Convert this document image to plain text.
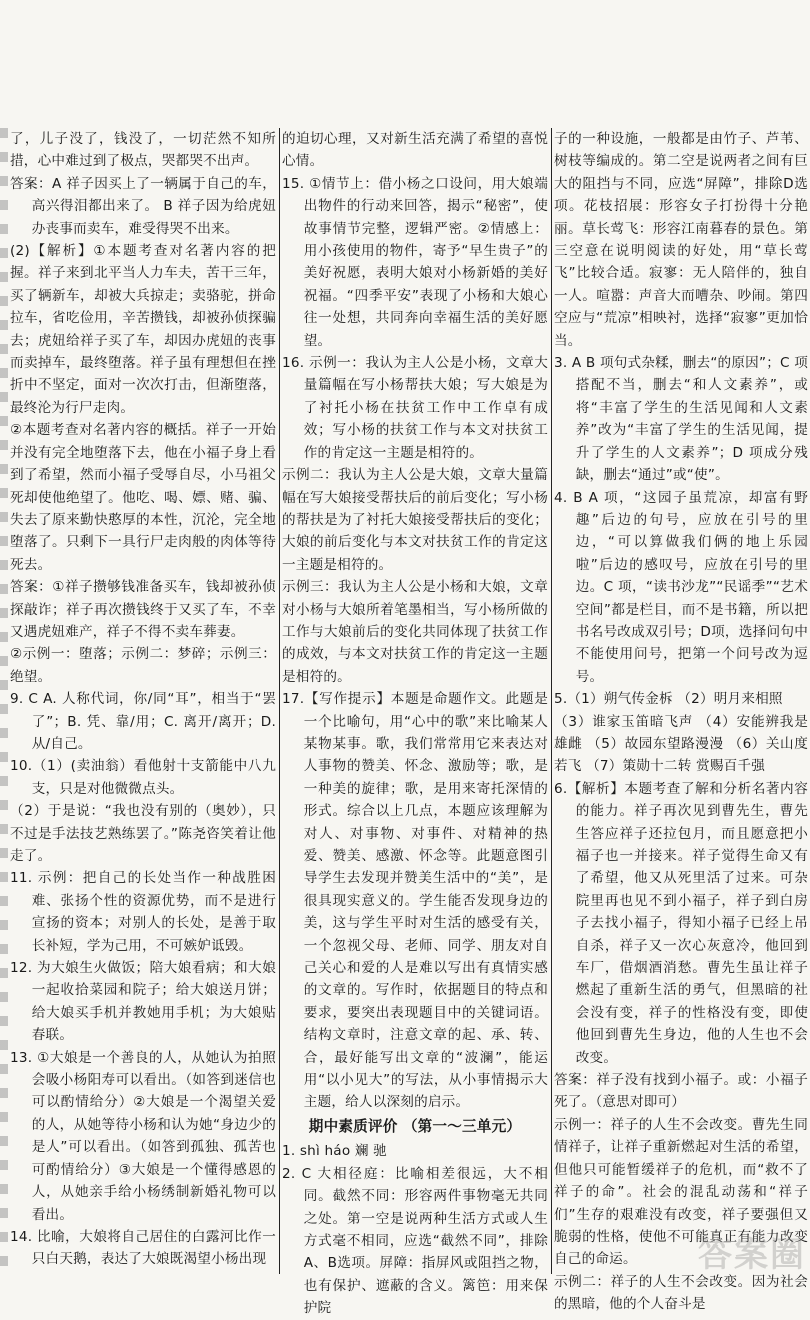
了，儿子没了，钱没了，一切茫然不知所措，心中难过到了极点，哭都哭不出声。

答案：A 祥子因买上了一辆属于自己的车，高兴得泪都出来了。 B 祥子因为给虎妞办丧事而卖车，难受得哭不出来。

(2)【解析】①本题考查对名著内容的把握。祥子来到北平当人力车夫，苦干三年，买了辆新车，却被大兵掠走；卖骆驼，拼命拉车，省吃俭用，辛苦攒钱，却被孙侦探骗去；虎妞给祥子买了车，却因办虎妞的丧事而卖掉车，最终堕落。祥子虽有理想但在挫折中不坚定，面对一次次打击，但渐堕落，最终沦为行尸走肉。

②本题考查对名著内容的概括。祥子一开始并没有完全地堕落下去，他在小福子身上看到了希望，然而小福子受辱自尽，小马祖父死却使他绝望了。他吃、喝、嫖、赌、骗、失去了原来勤快憨厚的本性，沉沦，完全地堕落了。只剩下一具行尸走肉般的肉体等待死去。

答案：①祥子攒够钱准备买车，钱却被孙侦探敲诈；祥子再次攒钱终于又买了车，不幸又遇虎妞难产，祥子不得不卖车葬妻。

②示例一：堕落；示例二：梦碎；示例三：绝望。

9. C A. 人称代词，你/同“耳”，相当于“罢了”；B. 凭、靠/用；C. 离开/离开；D. 从/自己。

10.（1）(卖油翁）看他射十支箭能中八九支，只是对他微微点头。

（2）于是说：“我也没有别的（奥妙），只不过是手法技艺熟练罢了。”陈尧咨笑着让他走了。

11. 示例：把自己的长处当作一种战胜困难、张扬个性的资源优势，而不是进行宣扬的资本；对别人的长处，是善于取长补短，学为己用，不可嫉妒诋毁。

12. 为大娘生火做饭；陪大娘看病；和大娘一起收拾菜园和院子；给大娘送月饼；给大娘买手机并教她用手机；为大娘贴春联。

13. ①大娘是一个善良的人，从她认为拍照会吸小杨阳寿可以看出。（如答到迷信也可以酌情给分）②大娘是一个渴望关爱的人，从她等待小杨和认为她“身边少的是人”可以看出。（如答到孤独、孤苦也可酌情给分）③大娘是一个懂得感恩的人，从她亲手给小杨绣制新婚礼物可以看出。

14. 比喻，大娘将自己居住的白露河比作一只白天鹅，表达了大娘既渴望小杨出现

的迫切心理，又对新生活充满了希望的喜悦心情。

15. ①情节上：借小杨之口设问，用大娘端出物件的行动来回答，揭示“秘密”，使故事情节完整，逻辑严密。②情感上：用小孩使用的物件，寄予“早生贵子”的美好祝愿，表明大娘对小杨新婚的美好祝福。“四季平安”表现了小杨和大娘心往一处想，共同奔向幸福生活的美好愿望。

16. 示例一：我认为主人公是小杨，文章大量篇幅在写小杨帮扶大娘；写大娘是为了衬托小杨在扶贫工作中工作卓有成效；写小杨的扶贫工作与本文对扶贫工作的肯定这一主题是相符的。

示例二：我认为主人公是大娘，文章大量篇幅在写大娘接受帮扶后的前后变化；写小杨的帮扶是为了衬托大娘接受帮扶后的变化；大娘的前后变化与本文对扶贫工作的肯定这一主题是相符的。

示例三：我认为主人公是小杨和大娘，文章对小杨与大娘所着笔墨相当，写小杨所做的工作与大娘前后的变化共同体现了扶贫工作的成效，与本文对扶贫工作的肯定这一主题是相符的。

17.【写作提示】本题是命题作文。此题是一个比喻句，用“心中的歌”来比喻某人某物某事。歌，我们常常用它来表达对人事物的赞美、怀念、激励等；歌，是一种美的旋律；歌，是用来寄托深情的形式。综合以上几点，本题应该理解为对人、对事物、对事件、对精神的热爱、赞美、感激、怀念等。此题意图引导学生去发现并赞美生活中的“美”，是很具现实意义的。学生能否发现身边的美，这与学生平时对生活的感受有关，一个忽视父母、老师、同学、朋友对自己关心和爱的人是难以写出有真情实感的文章的。写作时，依据题目的特点和要求，要突出表现题目中的关键词语。结构文章时，注意文章的起、承、转、合，最好能写出文章的“波澜”，能运用“以小见大”的写法，从小事情揭示大主题，给人以深刻的启示。

期中素质评价 （第一～三单元）

1. shì háo 斓 驰

2. C 大相径庭：比喻相差很远，大不相同。截然不同：形容两件事物毫无共同之处。第一空是说两种生活方式或人生方式毫不相同，应选“截然不同”，排除A、B选项。屏障：指屏风或阻挡之物，也有保护、遮蔽的含义。篱笆：用来保护院

子的一种设施，一般都是由竹子、芦苇、树枝等编成的。第二空是说两者之间有巨大的阻挡与不同，应选“屏障”，排除D选项。花枝招展：形容女子打扮得十分艳丽。草长莺飞：形容江南暮春的景色。第三空意在说明阅读的好处，用“草长莺飞”比较合适。寂寥：无人陪伴的，独自一人。喧嚣：声音大而嘈杂、吵闹。第四空应与“荒凉”相映衬，选择“寂寥”更加恰当。

3. A B 项句式杂糅，删去“的原因”；C 项搭配不当，删去“和人文素养”，或将“丰富了学生的生活见闻和人文素养”改为“丰富了学生的生活见闻，提升了学生的人文素养”；D 项成分残缺，删去“通过”或“使”。

4. B A 项，“这园子虽荒凉，却富有野趣”后边的句号，应放在引号的里边，“可以算做我们俩的地上乐园啦”后边的感叹号，应放在引号的里边。C 项，“读书沙龙”“民谣季”“艺术空间”都是栏目，而不是书籍，所以把书名号改成双引号；D项，选择问句中不能使用问号，把第一个问号改为逗号。

5.（1）朔气传金柝 （2）明月来相照

（3）谁家玉笛暗飞声 （4）安能辨我是雄雌 （5）故园东望路漫漫 （6）关山度若飞 （7）策勋十二转 赏赐百千强

6.【解析】本题考查了解和分析名著内容的能力。祥子再次见到曹先生，曹先生答应祥子还拉包月，而且愿意把小福子也一并接来。祥子觉得生命又有了希望，他又从死里活了过来。可杂院里再也见不到小福子，祥子到白房子去找小福子，得知小福子已经上吊自杀，祥子又一次心灰意冷，他回到车厂，借烟酒消愁。曹先生虽让祥子燃起了重新生活的勇气，但黑暗的社会没有变，祥子的性格没有变，即使他回到曹先生身边，他的人生也不会改变。

答案：祥子没有找到小福子。或：小福子死了。（意思对即可）

示例一：祥子的人生不会改变。曹先生同情祥子，让祥子重新燃起对生活的希望，但他只可能暂缓祥子的危机，而“救不了祥子的命”。社会的混乱动荡和“祥子们”生存的艰难没有改变，祥子要强但又脆弱的性格，使他不可能真正有能力改变自己的命运。

示例二：祥子的人生不会改变。因为社会的黑暗，他的个人奋斗是

答案圈
